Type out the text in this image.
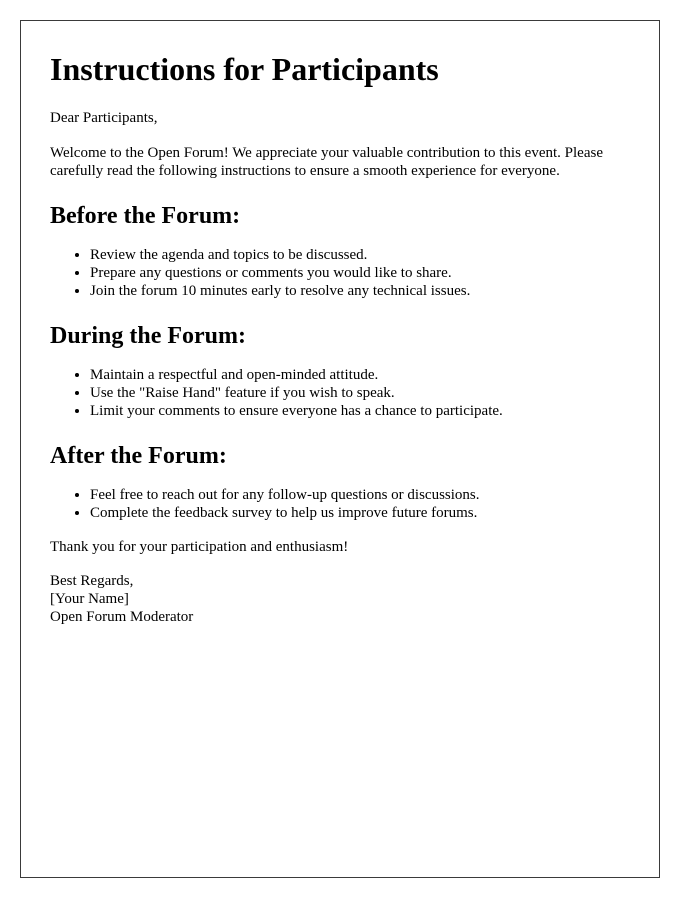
Instructions for Participants

Dear Participants,

Welcome to the Open Forum! We appreciate your valuable contribution to this event. Please carefully read the following instructions to ensure a smooth experience for everyone.

Before the Forum:
• Review the agenda and topics to be discussed.
• Prepare any questions or comments you would like to share.
• Join the forum 10 minutes early to resolve any technical issues.
During the Forum:
• Maintain a respectful and open-minded attitude.
• Use the "Raise Hand" feature if you wish to speak.
• Limit your comments to ensure everyone has a chance to participate.
After the Forum:
• Feel free to reach out for any follow-up questions or discussions.
• Complete the feedback survey to help us improve future forums.

Thank you for your participation and enthusiasm!

Best Regards,
[Your Name]
Open Forum Moderator
